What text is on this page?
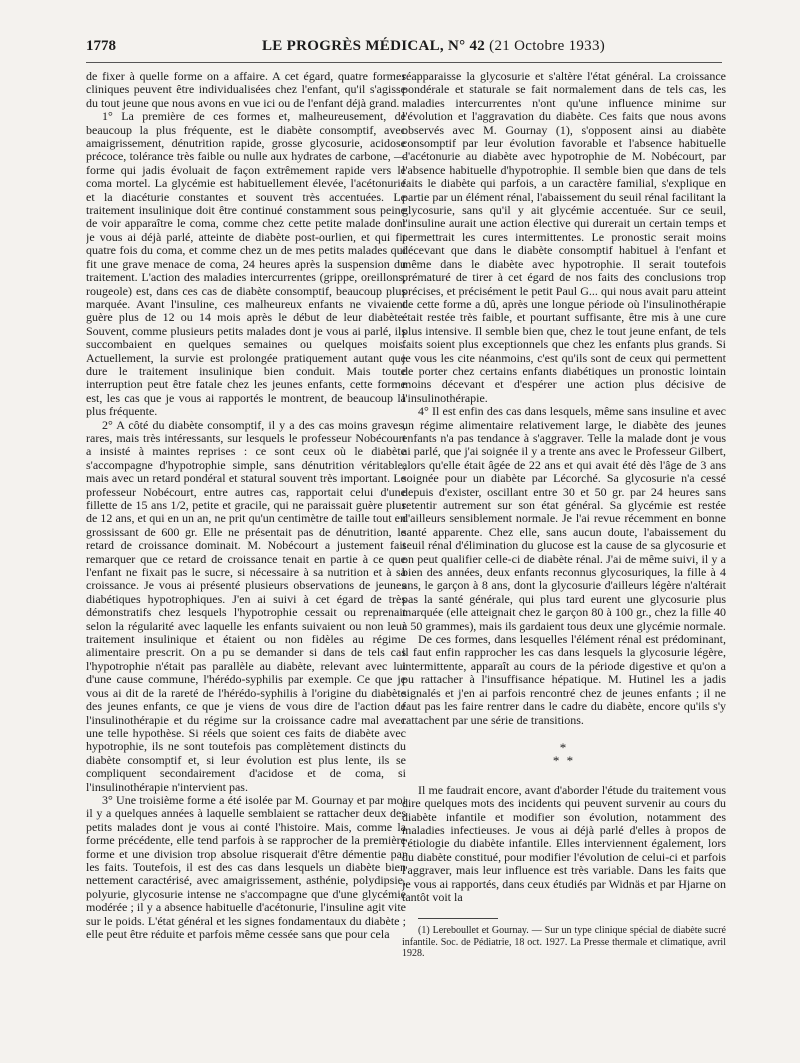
1778	LE PROGRÈS MÉDICAL, N° 42 (21 Octobre 1933)

de fixer à quelle forme on a affaire. A cet égard, quatre formes cliniques peuvent être individualisées chez l'enfant, qu'il s'agisse du tout jeune que nous avons en vue ici ou de l'enfant déjà grand.

1° La première de ces formes et, malheureusement, de beaucoup la plus fréquente, est le diabète consomptif, avec amaigrissement, dénutrition rapide, grosse glycosurie, acidose précoce, tolérance très faible ou nulle aux hydrates de carbone, — forme qui jadis évoluait de façon extrêmement rapide vers le coma mortel. La glycémie est habituellement élevée, l'acétonurie et la diacéturie constantes et souvent très accentuées. Le traitement insulinique doit être continué constamment sous peine de voir apparaître le coma, comme chez cette petite malade dont je vous ai déjà parlé, atteinte de diabète post-ourlien, et qui fit quatre fois du coma, et comme chez un de mes petits malades qui fit une grave menace de coma, 24 heures après la suspension du traitement. L'action des maladies intercurrentes (grippe, oreillons, rougeole) est, dans ces cas de diabète consomptif, beaucoup plus marquée. Avant l'insuline, ces malheureux enfants ne vivaient guère plus de 12 ou 14 mois après le début de leur diabète. Souvent, comme plusieurs petits malades dont je vous ai parlé, ils succombaient en quelques semaines ou quelques mois. Actuellement, la survie est prolongée pratiquement autant que dure le traitement insulinique bien conduit. Mais toute interruption peut être fatale chez les jeunes enfants, cette forme est, les cas que je vous ai rapportés le montrent, de beaucoup la plus fréquente.

2° A côté du diabète consomptif, il y a des cas moins graves, rares, mais très intéressants, sur lesquels le professeur Nobécourt a insisté à maintes reprises : ce sont ceux où le diabète s'accompagne d'hypotrophie simple, sans dénutrition véritable, mais avec un retard pondéral et statural souvent très important. Le professeur Nobécourt, entre autres cas, rapportait celui d'une fillette de 15 ans 1/2, petite et gracile, qui ne paraissait guère plus de 12 ans, et qui en un an, ne prit qu'un centimètre de taille tout en grossissant de 600 gr. Elle ne présentait pas de dénutrition, le retard de croissance dominait. M. Nobécourt a justement fait remarquer que ce retard de croissance tenait en partie à ce que l'enfant ne fixait pas le sucre, si nécessaire à sa nutrition et à sa croissance. Je vous ai présenté plusieurs observations de jeunes diabétiques hypotrophiques. J'en ai suivi à cet égard de très démonstratifs chez lesquels l'hypotrophie cessait ou reprenait selon la régularité avec laquelle les enfants suivaient ou non leur traitement insulinique et étaient ou non fidèles au régime alimentaire prescrit. On a pu se demander si dans de tels cas l'hypotrophie n'était pas parallèle au diabète, relevant avec lui d'une cause commune, l'hérédo-syphilis par exemple. Ce que je vous ai dit de la rareté de l'hérédo-syphilis à l'origine du diabète des jeunes enfants, ce que je viens de vous dire de l'action de l'insulinothérapie et du régime sur la croissance cadre mal avec une telle hypothèse. Si réels que soient ces faits de diabète avec hypotrophie, ils ne sont toutefois pas complètement distincts du diabète consomptif et, si leur évolution est plus lente, ils se compliquent secondairement d'acidose et de coma, si l'insulinothérapie n'intervient pas.

3° Une troisième forme a été isolée par M. Gournay et par moi il y a quelques années à laquelle semblaient se rattacher deux des petits malades dont je vous ai conté l'histoire. Mais, comme la forme précédente, elle tend parfois à se rapprocher de la première forme et une division trop absolue risquerait d'être démentie par les faits. Toutefois, il est des cas dans lesquels un diabète bien nettement caractérisé, avec amaigrissement, asthénie, polydipsie, polyurie, glycosurie intense ne s'accompagne que d'une glycémie modérée ; il y a absence habituelle d'acétonurie, l'insuline agit vite sur le poids. L'état général et les signes fondamentaux du diabète ; elle peut être réduite et parfois même cessée sans que pour cela

réapparaisse la glycosurie et s'altère l'état général. La croissance pondérale et staturale se fait normalement dans de tels cas, les maladies intercurrentes n'ont qu'une influence minime sur l'évolution et l'aggravation du diabète. Ces faits que nous avons observés avec M. Gournay (1), s'opposent ainsi au diabète consomptif par leur évolution favorable et l'absence habituelle d'acétonurie au diabète avec hypotrophie de M. Nobécourt, par l'absence habituelle d'hypotrophie. Il semble bien que dans de tels faits le diabète qui parfois, a un caractère familial, s'explique en partie par un élément rénal, l'abaissement du seuil rénal facilitant la glycosurie, sans qu'il y ait glycémie accentuée. Sur ce seuil, l'insuline aurait une action élective qui durerait un certain temps et permettrait les cures intermittentes. Le pronostic serait moins décevant que dans le diabète consomptif habituel à l'enfant et même dans le diabète avec hypotrophie. Il serait toutefois prématuré de tirer à cet égard de nos faits des conclusions trop précises, et précisément le petit Paul G... qui nous avait paru atteint de cette forme a dû, après une longue période où l'insulinothérapie était restée très faible, et pourtant suffisante, être mis à une cure plus intensive. Il semble bien que, chez le tout jeune enfant, de tels faits soient plus exceptionnels que chez les enfants plus grands. Si je vous les cite néanmoins, c'est qu'ils sont de ceux qui permettent de porter chez certains enfants diabétiques un pronostic lointain moins décevant et d'espérer une action plus décisive de l'insulinothérapie.

4° Il est enfin des cas dans lesquels, même sans insuline et avec un régime alimentaire relativement large, le diabète des jeunes enfants n'a pas tendance à s'aggraver. Telle la malade dont je vous ai parlé, que j'ai soignée il y a trente ans avec le Professeur Gilbert, alors qu'elle était âgée de 22 ans et qui avait été dès l'âge de 3 ans soignée pour un diabète par Lécorché. Sa glycosurie n'a cessé depuis d'exister, oscillant entre 30 et 50 gr. par 24 heures sans retentir autrement sur son état général. Sa glycémie est restée d'ailleurs sensiblement normale. Je l'ai revue récemment en bonne santé apparente. Chez elle, sans aucun doute, l'abaissement du seuil rénal d'élimination du glucose est la cause de sa glycosurie et on peut qualifier celle-ci de diabète rénal. J'ai de même suivi, il y a bien des années, deux enfants reconnus glycosuriques, la fille à 4 ans, le garçon à 8 ans, dont la glycosurie d'ailleurs légère n'altérait pas la santé générale, qui plus tard eurent une glycosurie plus marquée (elle atteignait chez le garçon 80 à 100 gr., chez la fille 40 à 50 grammes), mais ils gardaient tous deux une glycémie normale.

De ces formes, dans lesquelles l'élément rénal est prédominant, il faut enfin rapprocher les cas dans lesquels la glycosurie légère, intermittente, apparaît au cours de la période digestive et qu'on a pu rattacher à l'insuffisance hépatique. M. Hutinel les a jadis signalés et j'en ai parfois rencontré chez de jeunes enfants ; il ne faut pas les faire rentrer dans le cadre du diabète, encore qu'ils s'y rattachent par une série de transitions.

*
* *

Il me faudrait encore, avant d'aborder l'étude du traitement vous dire quelques mots des incidents qui peuvent survenir au cours du diabète infantile et modifier son évolution, notamment des maladies infectieuses. Je vous ai déjà parlé d'elles à propos de l'étiologie du diabète infantile. Elles interviennent également, lors du diabète constitué, pour modifier l'évolution de celui-ci et parfois l'aggraver, mais leur influence est très variable. Dans les faits que je vous ai rapportés, dans ceux étudiés par Widnäs et par Hjarne on tantôt voit la

(1) Lereboullet et Gournay. — Sur un type clinique spécial de diabète sucré infantile. Soc. de Pédiatrie, 18 oct. 1927. La Presse thermale et climatique, avril 1928.
